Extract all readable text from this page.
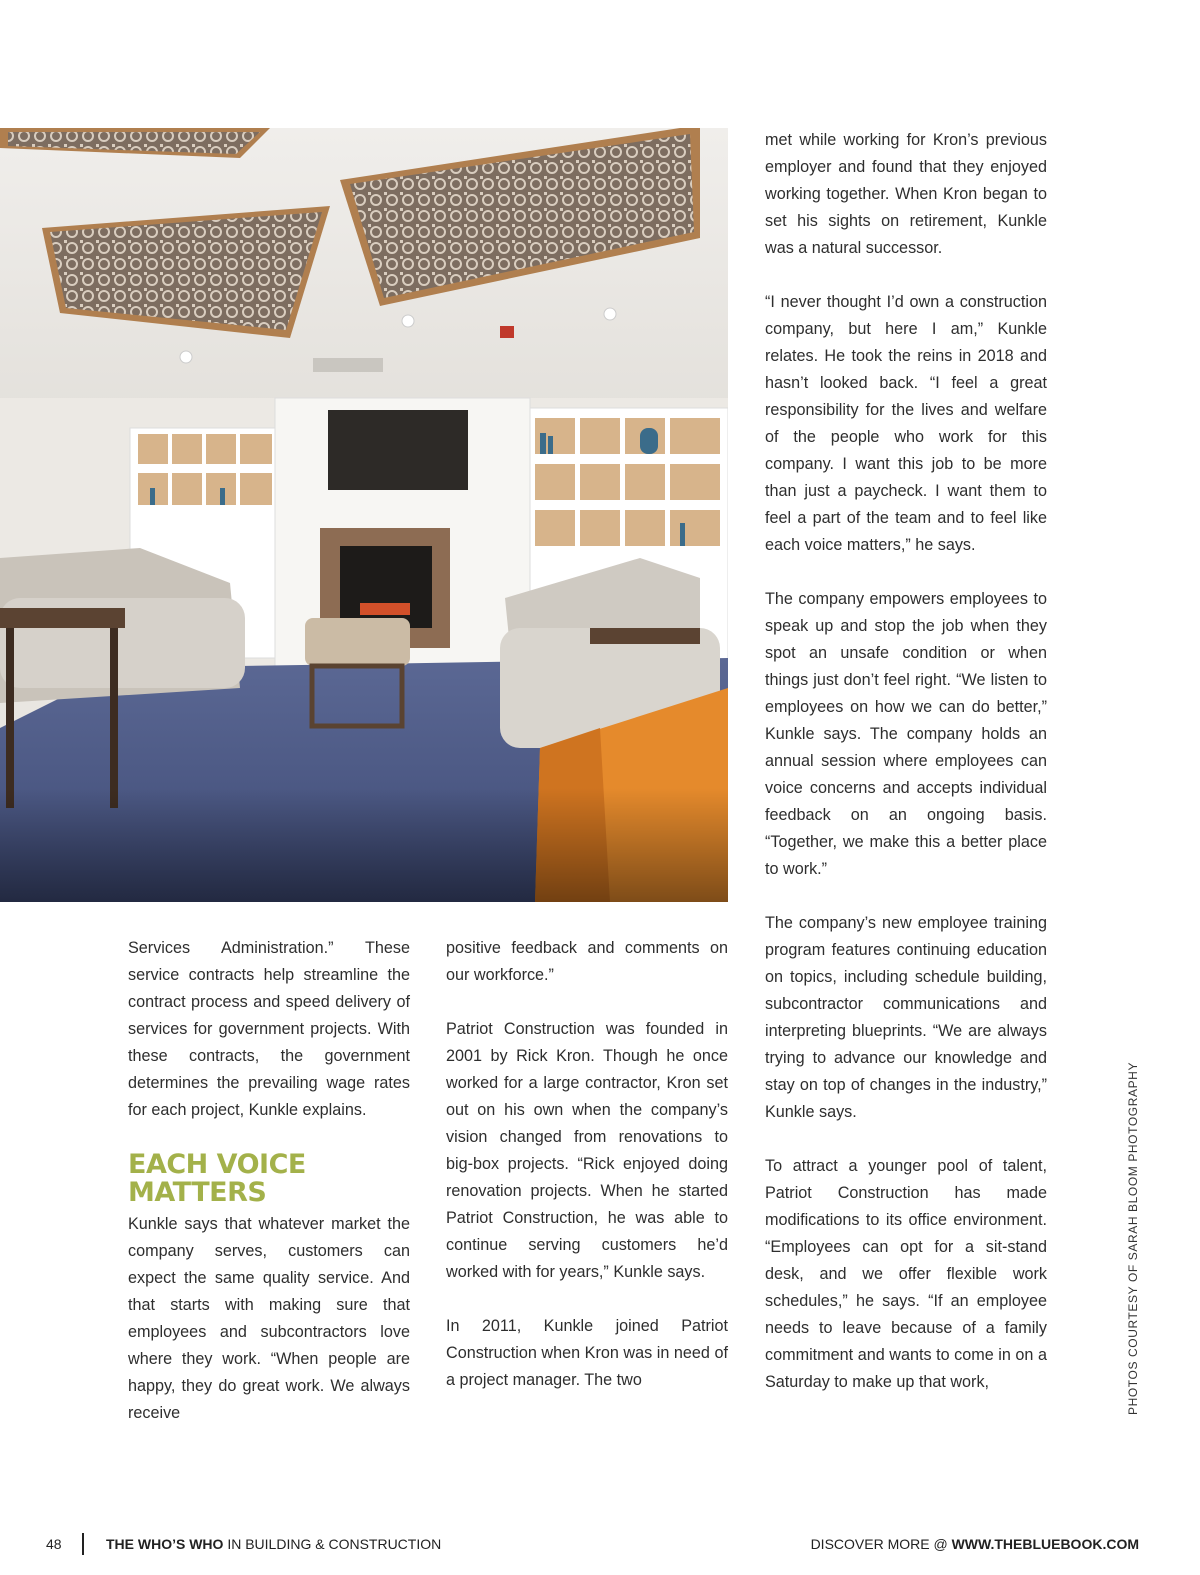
Services Administration.” These service contracts help streamline the contract process and speed delivery of services for government projects. With these contracts, the government determines the prevailing wage rates for each project, Kunkle explains.

EACH VOICE
MATTERS

Kunkle says that whatever market the company serves, customers can expect the same quality service. And that starts with making sure that employees and subcontractors love where they work. “When people are happy, they do great work. We always receive

positive feedback and comments on our workforce.”

Patriot Construction was founded in 2001 by Rick Kron. Though he once worked for a large contractor, Kron set out on his own when the company’s vision changed from renovations to big-box projects. “Rick enjoyed doing renovation projects. When he started Patriot Construction, he was able to continue serving customers he’d worked with for years,” Kunkle says.

In 2011, Kunkle joined Patriot Construction when Kron was in need of a project manager. The two

met while working for Kron’s previous employer and found that they enjoyed working together. When Kron began to set his sights on retirement, Kunkle was a natural successor.

“I never thought I’d own a construction company, but here I am,” Kunkle relates. He took the reins in 2018 and hasn’t looked back. “I feel a great responsibility for the lives and welfare of the people who work for this company. I want this job to be more than just a paycheck. I want them to feel a part of the team and to feel like each voice matters,” he says.

The company empowers employees to speak up and stop the job when they spot an unsafe condition or when things just don’t feel right. “We listen to employees on how we can do better,” Kunkle says. The company holds an annual session where employees can voice concerns and accepts individual feedback on an ongoing basis. “Together, we make this a better place to work.”

The company’s new employee training program features continuing education on topics, including schedule building, subcontractor communications and interpreting blueprints. “We are always trying to advance our knowledge and stay on top of changes in the industry,” Kunkle says.

To attract a younger pool of talent, Patriot Construction has made modifications to its office environment. “Employees can opt for a sit-stand desk, and we offer flexible work schedules,” he says. “If an employee needs to leave because of a family commitment and wants to come in on a Saturday to make up that work,	PHOTOS COURTESY OF SARAH BLOOM PHOTOGRAPHY
48	THE WHO’S WHO IN BUILDING & CONSTRUCTION	DISCOVER MORE @ WWW.THEBLUEBOOK.COM
